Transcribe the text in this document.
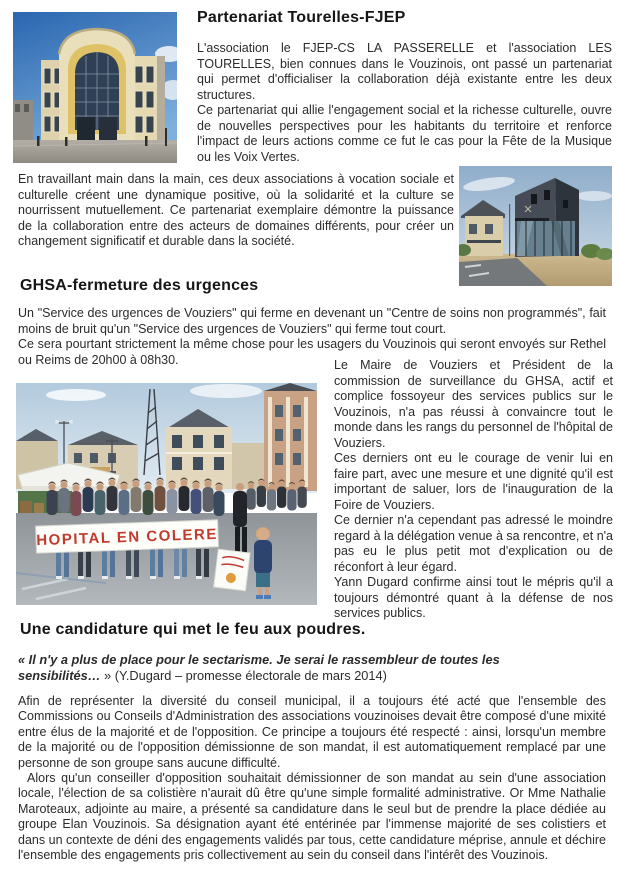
Partenariat Tourelles-FJEP

L'association le FJEP-CS LA PASSERELLE et l'association LES TOURELLES, bien connues dans le Vouzinois, ont passé un partenariat qui permet d'officialiser la collaboration déjà existante entre les deux structures.

Ce partenariat qui allie l'engagement social et la richesse culturelle, ouvre de nouvelles perspectives pour les habitants du territoire et renforce l'impact de leurs actions comme ce fut le cas pour la Fête de la Musique ou les Voix Vertes.

En travaillant main dans la main, ces deux associations à vocation sociale et culturelle créent une dynamique positive, où la solidarité et la culture se nourrissent mutuellement. Ce partenariat exemplaire démontre la puissance de la collaboration entre des acteurs de domaines différents, pour créer un changement significatif et durable dans la société.

GHSA-fermeture des urgences

Un "Service des urgences de Vouziers" qui ferme en devenant un "Centre de soins non programmés", fait moins de bruit qu'un "Service des urgences de Vouziers" qui ferme tout court.

Ce sera pourtant strictement la même chose pour les usagers du Vouzinois qui seront envoyés sur Rethel ou Reims de 20h00 à 08h30.

HOPITAL EN COLERE

Le Maire de Vouziers et Président de la commission de surveillance du GHSA, actif et complice fossoyeur des services publics sur le Vouzinois, n'a pas réussi à convaincre tout le monde dans les rangs du personnel de l'hôpital de Vouziers.

Ces derniers ont eu le courage de venir lui en faire part, avec une mesure et une dignité qu'il est important de saluer, lors de l'inauguration de la Foire de Vouziers.

Ce dernier n'a cependant pas adressé le moindre regard à la délégation venue à sa rencontre, et n'a pas eu le plus petit mot d'explication ou de réconfort à leur égard.

Yann Dugard confirme ainsi tout le mépris qu'il a toujours démontré quant à la défense de nos services publics.

Une candidature qui met le feu aux poudres.
« Il n'y a plus de place pour le sectarisme. Je serai le rassembleur de toutes les sensibilités… » (Y.Dugard – promesse électorale de mars 2014)

Afin de représenter la diversité du conseil municipal, il a toujours été acté que l'ensemble des Commissions ou Conseils d'Administration des associations vouzinoises devait être composé d'une mixité entre élus de la majorité et de l'opposition. Ce principe a toujours été respecté : ainsi, lorsqu'un membre de la majorité ou de l'opposition démissionne de son mandat, il est automatiquement remplacé par une personne de son groupe sans aucune difficulté.

Alors qu'un conseiller d'opposition souhaitait démissionner de son mandat au sein d'une association locale, l'élection de sa colistière n'aurait dû être qu'une simple formalité administrative. Or Mme Nathalie Maroteaux, adjointe au maire, a présenté sa candidature dans le seul but de prendre la place dédiée au groupe Elan Vouzinois. Sa désignation ayant été entérinée par l'immense majorité de ses colistiers et dans un contexte de déni des engagements validés par tous, cette candidature méprise, annule et déchire l'ensemble des engagements pris collectivement au sein du conseil dans l'intérêt des Vouzinois.
